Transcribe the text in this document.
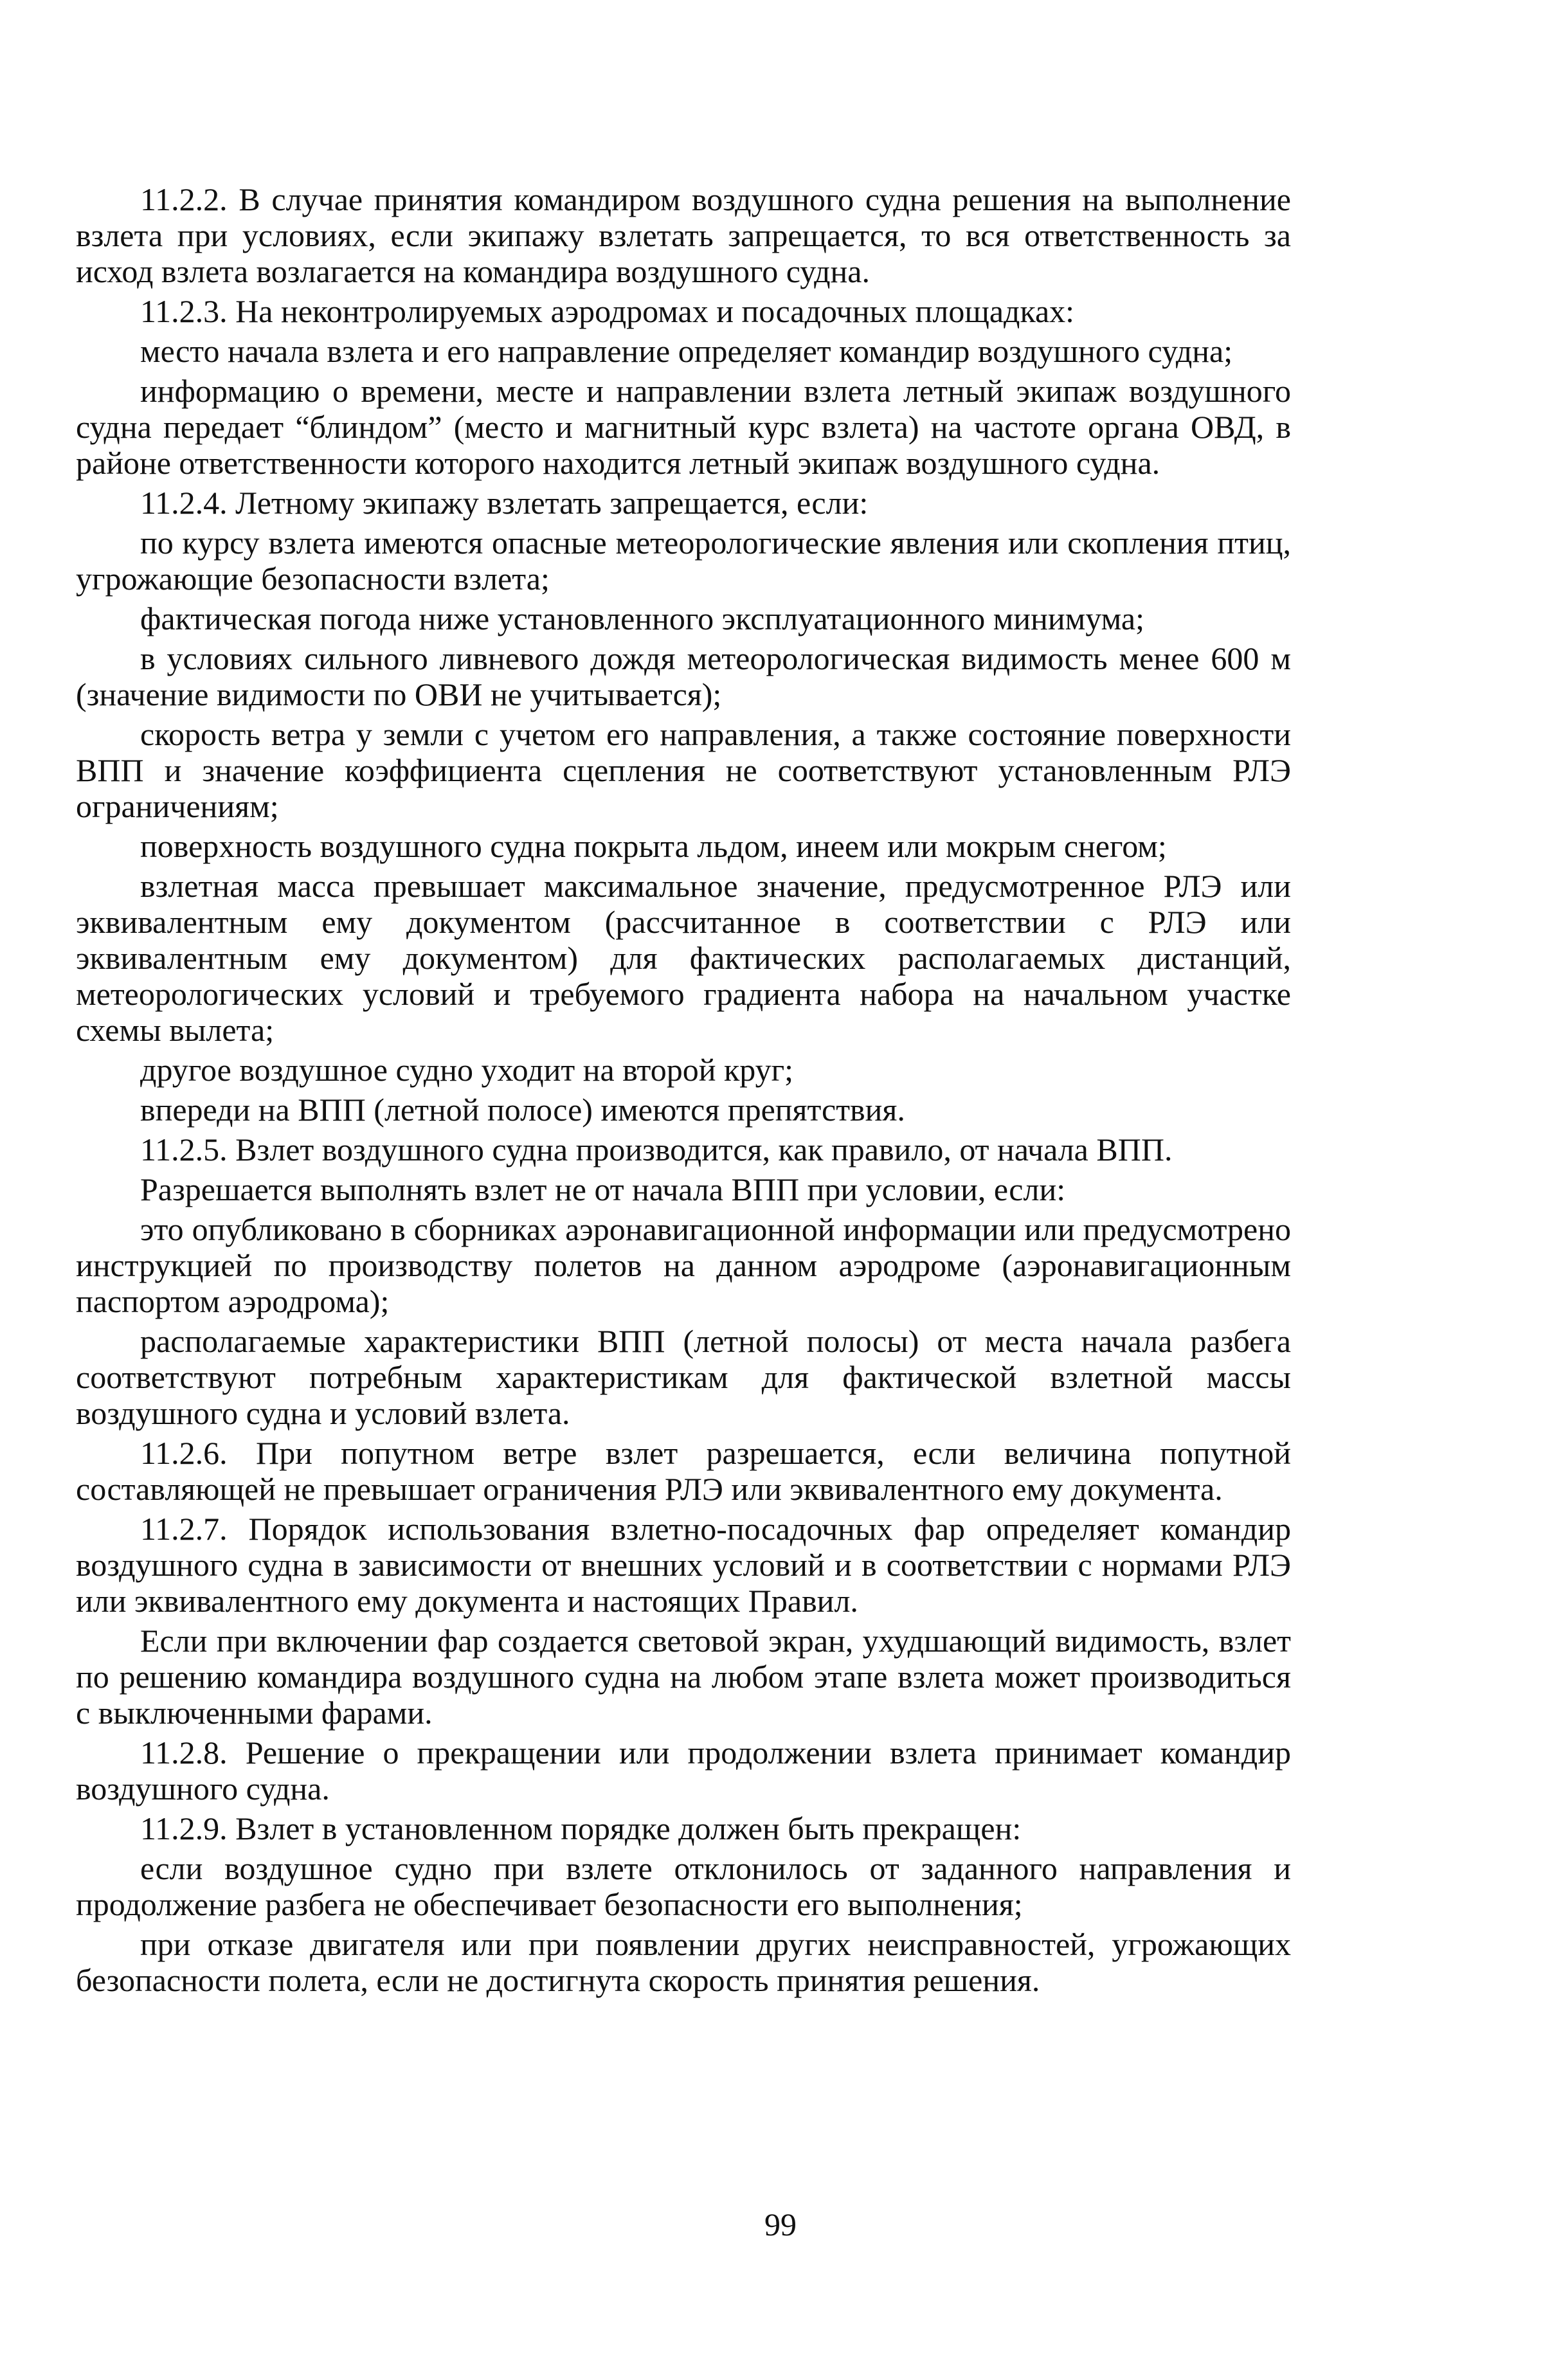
11.2.2. В случае принятия командиром воздушного судна решения на выполнение взлета при условиях, если экипажу взлетать запрещается, то вся ответственность за исход взлета возлагается на командира воздушного судна.

11.2.3. На неконтролируемых аэродромах и посадочных площадках:

место начала взлета и его направление определяет командир воздушного судна;

информацию о времени, месте и направлении взлета летный экипаж воздушного судна передает “блиндом” (место и магнитный курс взлета) на частоте органа ОВД, в районе ответственности которого находится летный экипаж воздушного судна.

11.2.4. Летному экипажу взлетать запрещается, если:

по курсу взлета имеются опасные метеорологические явления или скопления птиц, угрожающие безопасности взлета;

фактическая погода ниже установленного эксплуатационного минимума;

в условиях сильного ливневого дождя метеорологическая видимость менее 600 м (значение видимости по ОВИ не учитывается);

скорость ветра у земли с учетом его направления, а также состояние поверхности ВПП и значение коэффициента сцепления не соответствуют установленным РЛЭ ограничениям;

поверхность воздушного судна покрыта льдом, инеем или мокрым снегом;

взлетная масса превышает максимальное значение, предусмотренное РЛЭ или эквивалентным ему документом (рассчитанное в соответствии с РЛЭ или эквивалентным ему документом) для фактических располагаемых дистанций, метеорологических условий и требуемого градиента набора на начальном участке схемы вылета;

другое воздушное судно уходит на второй круг;

впереди на ВПП (летной полосе) имеются препятствия.

11.2.5. Взлет воздушного судна производится, как правило, от начала ВПП.

Разрешается выполнять взлет не от начала ВПП при условии, если:

это опубликовано в сборниках аэронавигационной информации или предусмотрено инструкцией по производству полетов на данном аэродроме (аэронавигационным паспортом аэродрома);

располагаемые характеристики ВПП (летной полосы) от места начала разбега соответствуют потребным характеристикам для фактической взлетной массы воздушного судна и условий взлета.

11.2.6. При попутном ветре взлет разрешается, если величина попутной составляющей не превышает ограничения РЛЭ или эквивалентного ему документа.

11.2.7. Порядок использования взлетно-посадочных фар определяет командир воздушного судна в зависимости от внешних условий и в соответствии с нормами РЛЭ или эквивалентного ему документа и настоящих Правил.

Если при включении фар создается световой экран, ухудшающий видимость, взлет по решению командира воздушного судна на любом этапе взлета может производиться с выключенными фарами.

11.2.8. Решение о прекращении или продолжении взлета принимает командир воздушного судна.

11.2.9. Взлет в установленном порядке должен быть прекращен:

если воздушное судно при взлете отклонилось от заданного направления и продолжение разбега не обеспечивает безопасности его выполнения;

при отказе двигателя или при появлении других неисправностей, угрожающих безопасности полета, если не достигнута скорость принятия решения.

99
